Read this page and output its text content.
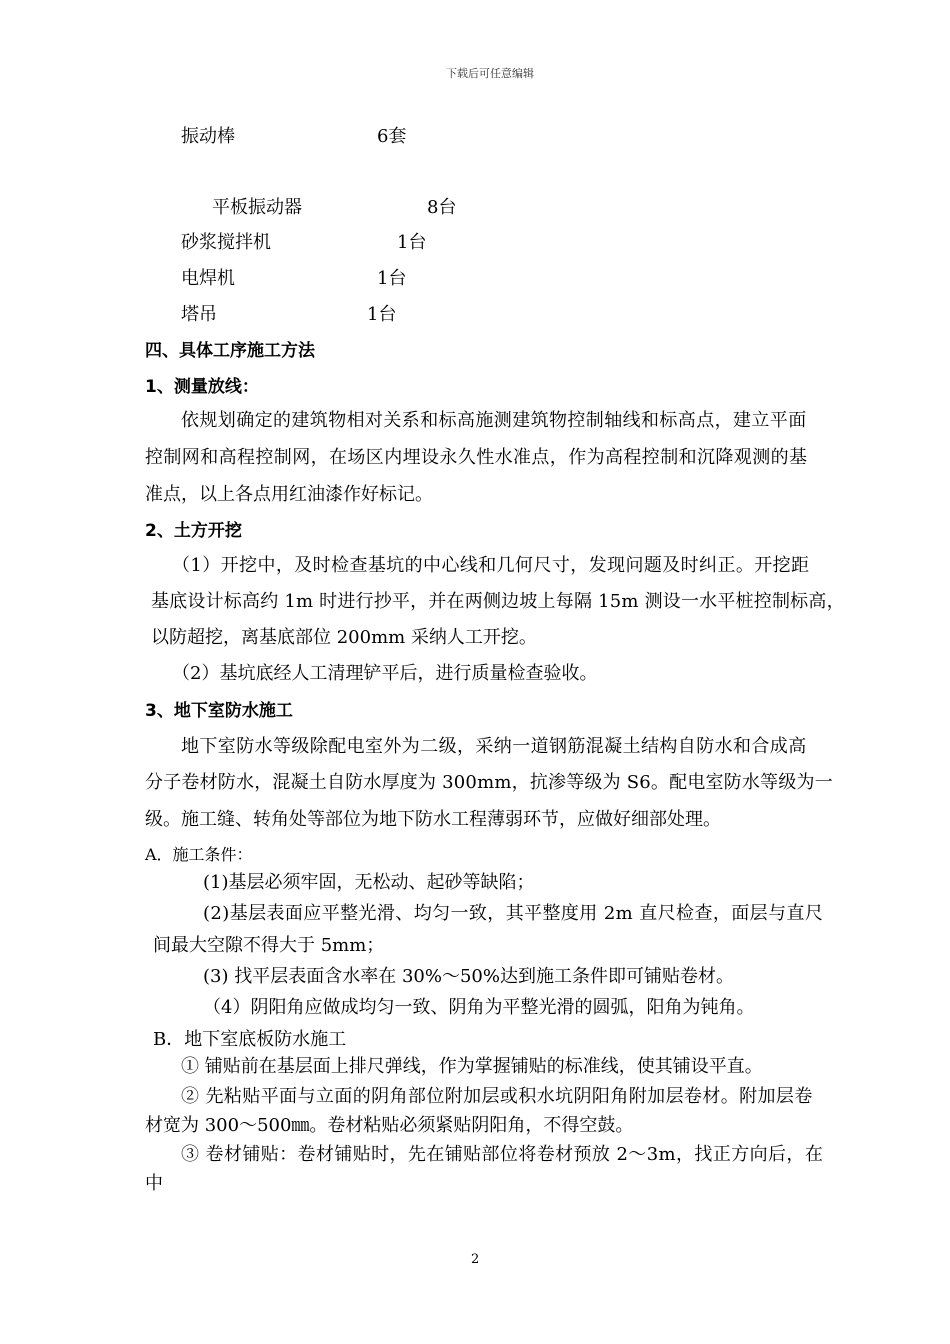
下载后可任意编辑
振动棒	6套
平板振动器	8台
砂浆搅拌机	1台
电焊机	1台
塔吊	1台
四、具体工序施工方法
1、测量放线：
依规划确定的建筑物相对关系和标高施测建筑物控制轴线和标高点，建立平面
控制网和高程控制网，在场区内埋设永久性水准点，作为高程控制和沉降观测的基
准点，以上各点用红油漆作好标记。
2、土方开挖
（1）开挖中，及时检查基坑的中心线和几何尺寸，发现问题及时纠正。开挖距
基底设计标高约 1m 时进行抄平，并在两侧边坡上每隔 15m 测设一水平桩控制标高，
以防超挖，离基底部位 200mm 采纳人工开挖。
（2）基坑底经人工清理铲平后，进行质量检查验收。
3、地下室防水施工
地下室防水等级除配电室外为二级，采纳一道钢筋混凝土结构自防水和合成高
分子卷材防水，混凝土自防水厚度为 300mm，抗渗等级为 S6。配电室防水等级为一
级。施工缝、转角处等部位为地下防水工程薄弱环节，应做好细部处理。
A．施工条件：
(1)基层必须牢固，无松动、起砂等缺陷；
(2)基层表面应平整光滑、均匀一致，其平整度用 2m 直尺检查，面层与直尺
间最大空隙不得大于 5mm；
(3) 找平层表面含水率在 30%～50%达到施工条件即可铺贴卷材。
（4）阴阳角应做成均匀一致、阴角为平整光滑的圆弧，阳角为钝角。
B．地下室底板防水施工
① 铺贴前在基层面上排尺弹线，作为掌握铺贴的标准线，使其铺设平直。
② 先粘贴平面与立面的阴角部位附加层或积水坑阴阳角附加层卷材。附加层卷
材宽为 300～500㎜。卷材粘贴必须紧贴阴阳角，不得空鼓。
③ 卷材铺贴：卷材铺贴时，先在铺贴部位将卷材预放 2～3m，找正方向后，在
中
2
